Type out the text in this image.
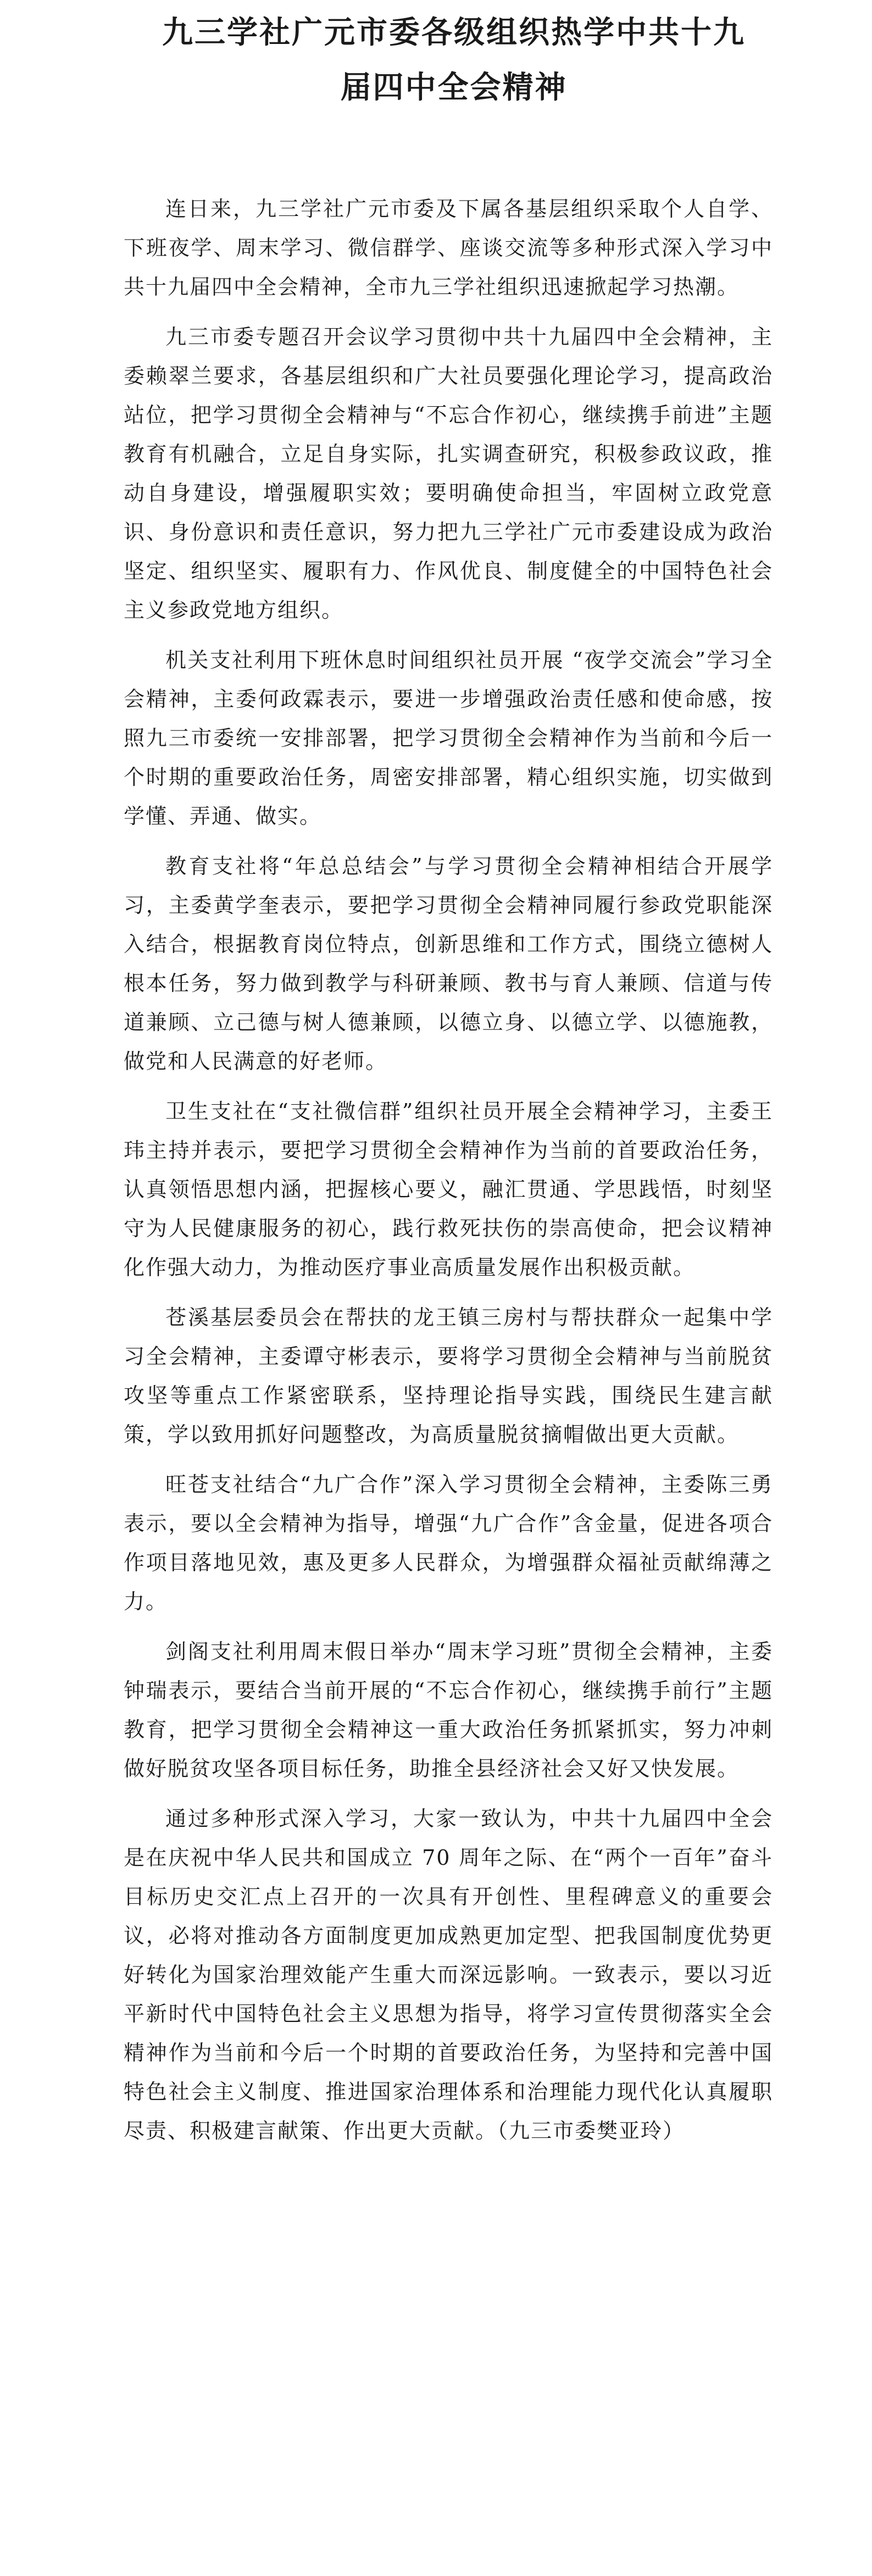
九三学社广元市委各级组织热学中共十九
届四中全会精神

连日来，九三学社广元市委及下属各基层组织采取个人自学、下班夜学、周末学习、微信群学、座谈交流等多种形式深入学习中共十九届四中全会精神，全市九三学社组织迅速掀起学习热潮。

九三市委专题召开会议学习贯彻中共十九届四中全会精神，主委赖翠兰要求，各基层组织和广大社员要强化理论学习，提高政治站位，把学习贯彻全会精神与“不忘合作初心，继续携手前进”主题教育有机融合，立足自身实际，扎实调查研究，积极参政议政，推动自身建设，增强履职实效；要明确使命担当，牢固树立政党意识、身份意识和责任意识，努力把九三学社广元市委建设成为政治坚定、组织坚实、履职有力、作风优良、制度健全的中国特色社会主义参政党地方组织。

机关支社利用下班休息时间组织社员开展 “夜学交流会”学习全会精神，主委何政霖表示，要进一步增强政治责任感和使命感，按照九三市委统一安排部署，把学习贯彻全会精神作为当前和今后一个时期的重要政治任务，周密安排部署，精心组织实施，切实做到学懂、弄通、做实。

教育支社将“年总总结会”与学习贯彻全会精神相结合开展学习，主委黄学奎表示，要把学习贯彻全会精神同履行参政党职能深入结合，根据教育岗位特点，创新思维和工作方式，围绕立德树人根本任务，努力做到教学与科研兼顾、教书与育人兼顾、信道与传道兼顾、立己德与树人德兼顾，以德立身、以德立学、以德施教，做党和人民满意的好老师。

卫生支社在“支社微信群”组织社员开展全会精神学习，主委王玮主持并表示，要把学习贯彻全会精神作为当前的首要政治任务，认真领悟思想内涵，把握核心要义，融汇贯通、学思践悟，时刻坚守为人民健康服务的初心，践行救死扶伤的崇高使命，把会议精神化作强大动力，为推动医疗事业高质量发展作出积极贡献。

苍溪基层委员会在帮扶的龙王镇三房村与帮扶群众一起集中学习全会精神，主委谭守彬表示，要将学习贯彻全会精神与当前脱贫攻坚等重点工作紧密联系，坚持理论指导实践，围绕民生建言献策，学以致用抓好问题整改，为高质量脱贫摘帽做出更大贡献。

旺苍支社结合“九广合作”深入学习贯彻全会精神，主委陈三勇表示，要以全会精神为指导，增强“九广合作”含金量，促进各项合作项目落地见效，惠及更多人民群众，为增强群众福祉贡献绵薄之力。

剑阁支社利用周末假日举办“周末学习班”贯彻全会精神，主委钟瑞表示，要结合当前开展的“不忘合作初心，继续携手前行”主题教育，把学习贯彻全会精神这一重大政治任务抓紧抓实，努力冲刺做好脱贫攻坚各项目标任务，助推全县经济社会又好又快发展。

通过多种形式深入学习，大家一致认为，中共十九届四中全会是在庆祝中华人民共和国成立 70 周年之际、在“两个一百年”奋斗目标历史交汇点上召开的一次具有开创性、里程碑意义的重要会议，必将对推动各方面制度更加成熟更加定型、把我国制度优势更好转化为国家治理效能产生重大而深远影响。一致表示，要以习近平新时代中国特色社会主义思想为指导，将学习宣传贯彻落实全会精神作为当前和今后一个时期的首要政治任务，为坚持和完善中国特色社会主义制度、推进国家治理体系和治理能力现代化认真履职尽责、积极建言献策、作出更大贡献。（九三市委樊亚玲）
